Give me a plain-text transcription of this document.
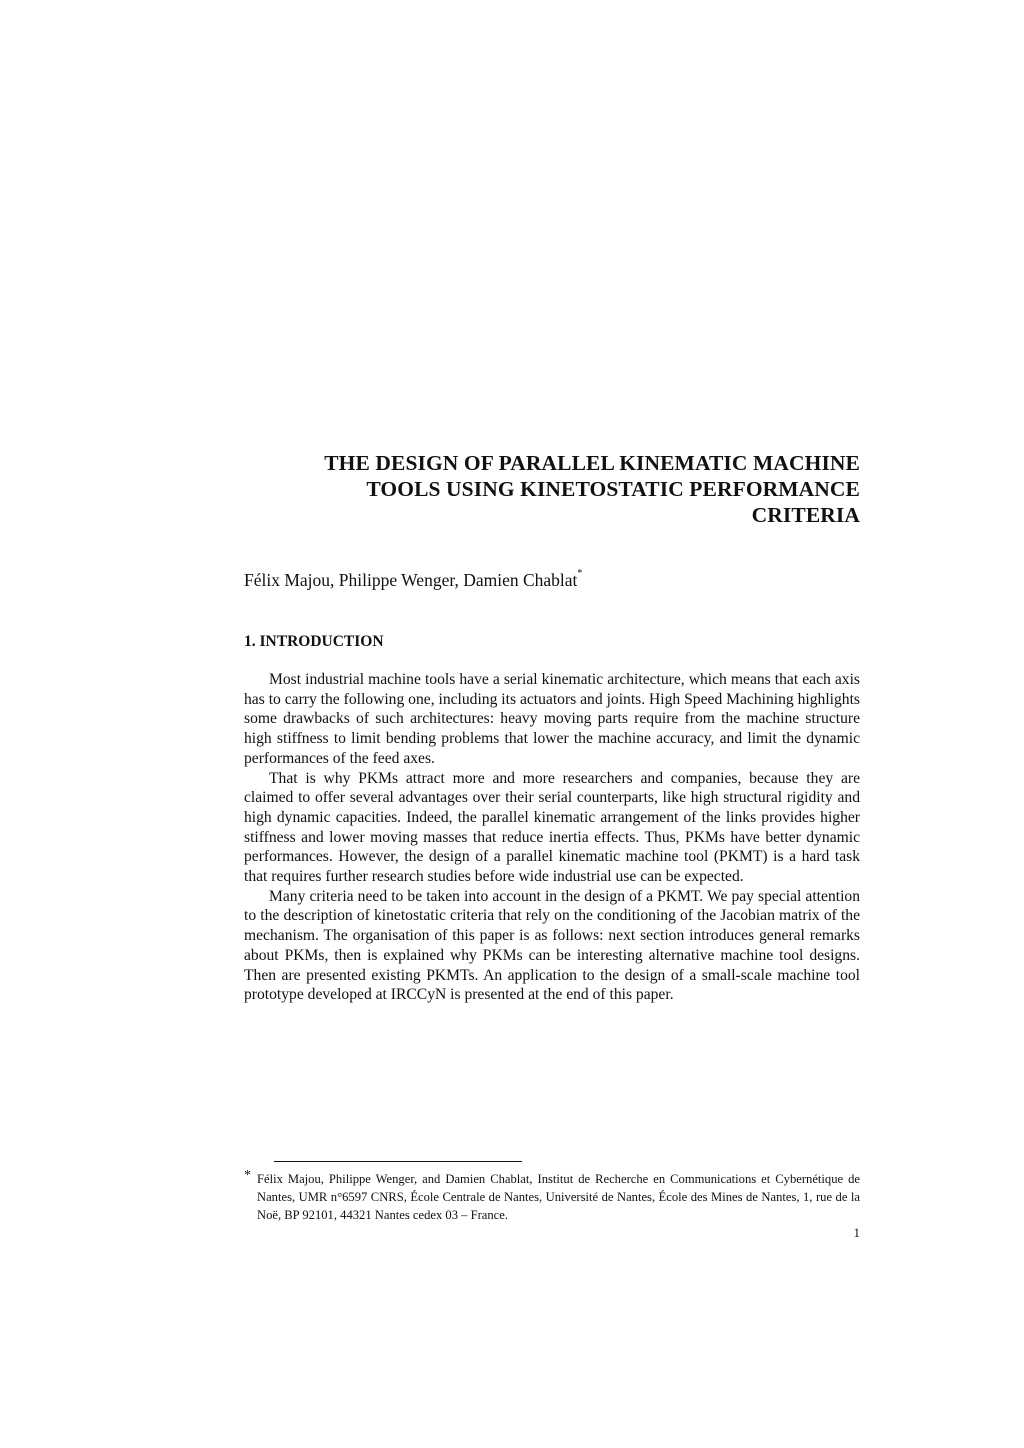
THE DESIGN OF PARALLEL KINEMATIC MACHINE
TOOLS USING KINETOSTATIC PERFORMANCE
CRITERIA
Félix Majou, Philippe Wenger, Damien Chablat*
1. INTRODUCTION

Most industrial machine tools have a serial kinematic architecture, which means that each axis has to carry the following one, including its actuators and joints. High Speed Machining highlights some drawbacks of such architectures: heavy moving parts require from the machine structure high stiffness to limit bending problems that lower the machine accuracy, and limit the dynamic performances of the feed axes.

That is why PKMs attract more and more researchers and companies, because they are claimed to offer several advantages over their serial counterparts, like high structural rigidity and high dynamic capacities. Indeed, the parallel kinematic arrangement of the links provides higher stiffness and lower moving masses that reduce inertia effects. Thus, PKMs have better dynamic performances. However, the design of a parallel kinematic machine tool (PKMT) is a hard task that requires further research studies before wide industrial use can be expected.

Many criteria need to be taken into account in the design of a PKMT. We pay special attention to the description of kinetostatic criteria that rely on the conditioning of the Jacobian matrix of the mechanism. The organisation of this paper is as follows: next section introduces general remarks about PKMs, then is explained why PKMs can be interesting alternative machine tool designs. Then are presented existing PKMTs. An application to the design of a small-scale machine tool prototype developed at IRCCyN is presented at the end of this paper.

* Félix Majou, Philippe Wenger, and Damien Chablat, Institut de Recherche en Communications et Cybernétique de Nantes, UMR n°6597 CNRS, École Centrale de Nantes, Université de Nantes, École des Mines de Nantes, 1, rue de la Noë, BP 92101, 44321 Nantes cedex 03 – France.
1
